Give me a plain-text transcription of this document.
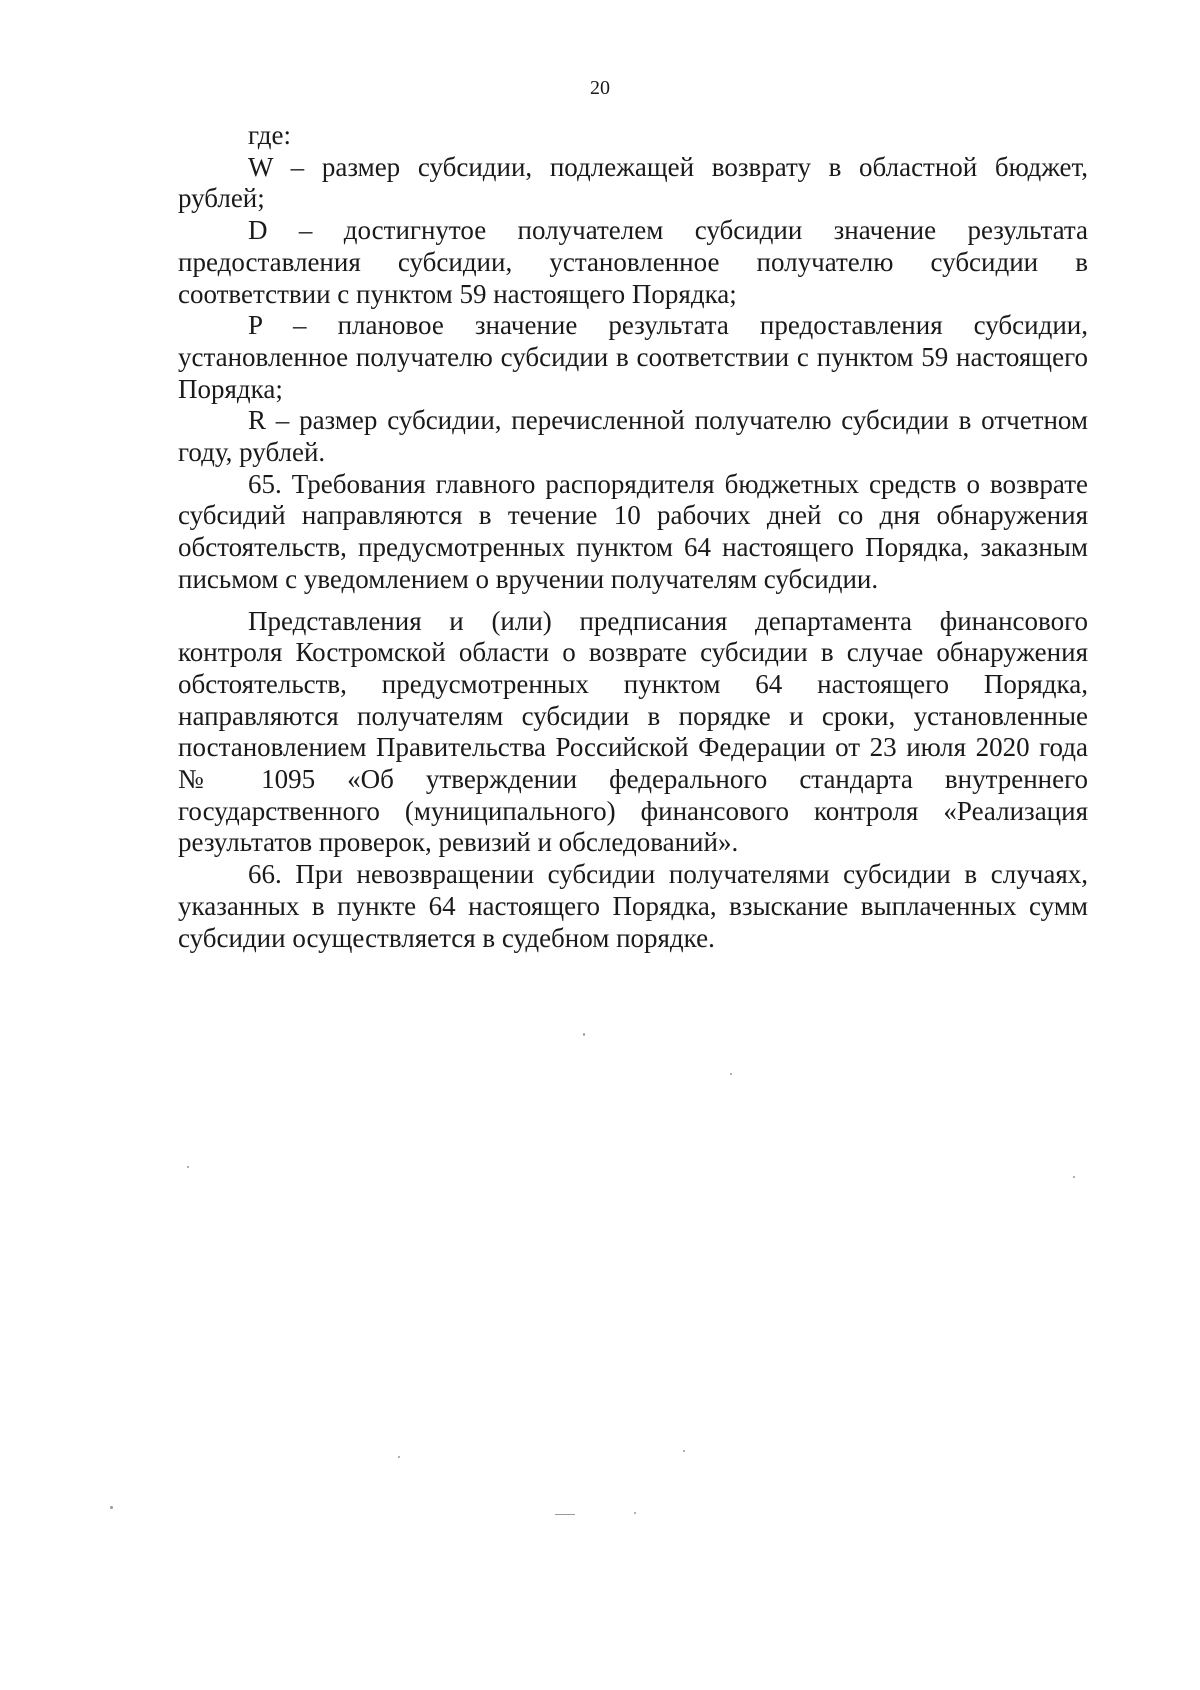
20

где:

W – размер субсидии, подлежащей возврату в областной бюджет, рублей;

D – достигнутое получателем субсидии значение результата предоставления субсидии, установленное получателю субсидии в соответствии с пунктом 59 настоящего Порядка;

P – плановое значение результата предоставления субсидии, установленное получателю субсидии в соответствии с пунктом 59 настоящего Порядка;

R – размер субсидии, перечисленной получателю субсидии в отчетном году, рублей.

65. Требования главного распорядителя бюджетных средств о возврате субсидий направляются в течение 10 рабочих дней со дня обнаружения обстоятельств, предусмотренных пунктом 64 настоящего Порядка, заказным письмом с уведомлением о вручении получателям субсидии.

Представления и (или) предписания департамента финансового контроля Костромской области о возврате субсидии в случае обнаружения обстоятельств, предусмотренных пунктом 64 настоящего Порядка, направляются получателям субсидии в порядке и сроки, установленные постановлением Правительства Российской Федерации от 23 июля 2020 года № 1095 «Об утверждении федерального стандарта внутреннего государственного (муниципального) финансового контроля «Реализация результатов проверок, ревизий и обследований».

66. При невозвращении субсидии получателями субсидии в случаях, указанных в пункте 64 настоящего Порядка, взыскание выплаченных сумм субсидии осуществляется в судебном порядке.
